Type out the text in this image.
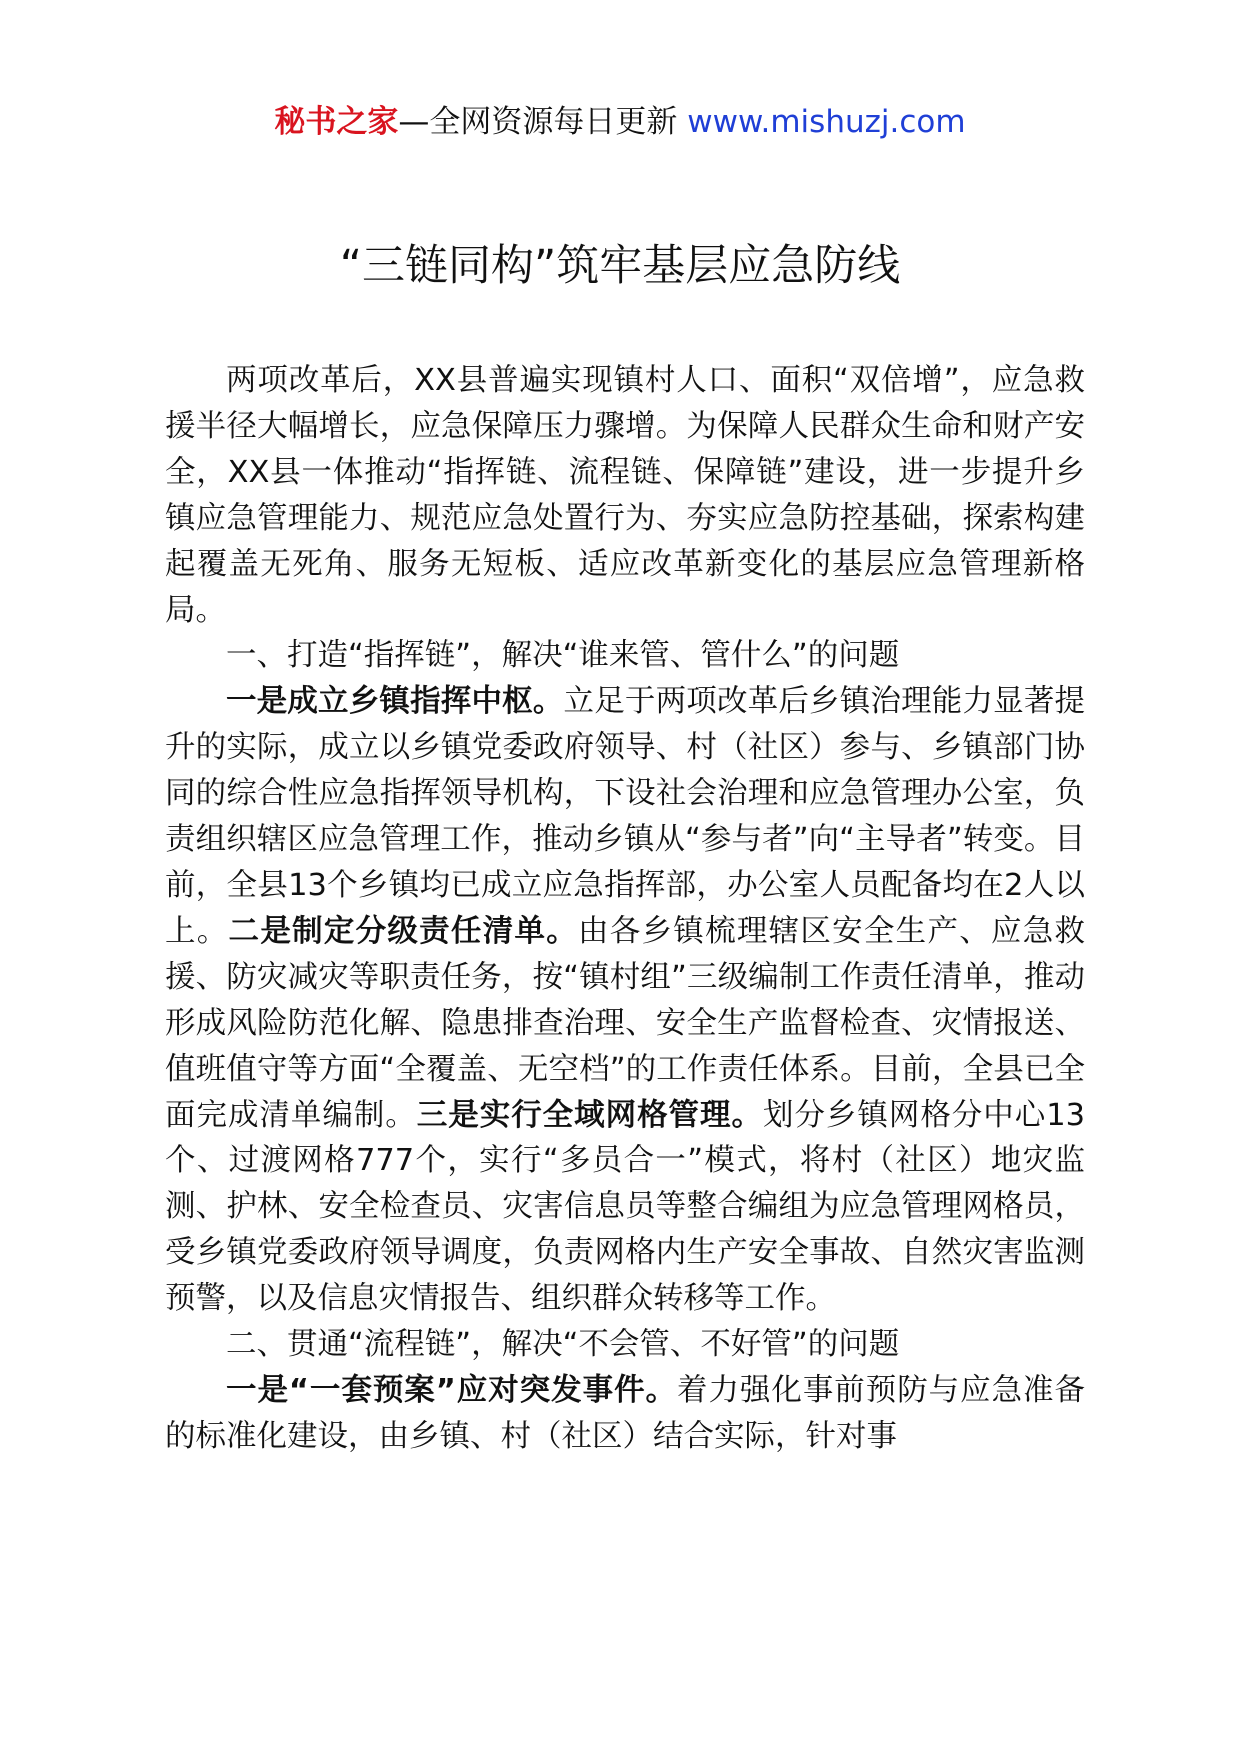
秘书之家—全网资源每日更新 www.mishuzj.com
“三链同构”筑牢基层应急防线

两项改革后，XX县普遍实现镇村人口、面积“双倍增”，应急救援半径大幅增长，应急保障压力骤增。为保障人民群众生命和财产安全，XX县一体推动“指挥链、流程链、保障链”建设，进一步提升乡镇应急管理能力、规范应急处置行为、夯实应急防控基础，探索构建起覆盖无死角、服务无短板、适应改革新变化的基层应急管理新格局。

一、打造“指挥链”，解决“谁来管、管什么”的问题

一是成立乡镇指挥中枢。立足于两项改革后乡镇治理能力显著提升的实际，成立以乡镇党委政府领导、村（社区）参与、乡镇部门协同的综合性应急指挥领导机构，下设社会治理和应急管理办公室，负责组织辖区应急管理工作，推动乡镇从“参与者”向“主导者”转变。目前，全县13个乡镇均已成立应急指挥部，办公室人员配备均在2人以上。二是制定分级责任清单。由各乡镇梳理辖区安全生产、应急救援、防灾减灾等职责任务，按“镇村组”三级编制工作责任清单，推动形成风险防范化解、隐患排查治理、安全生产监督检查、灾情报送、值班值守等方面“全覆盖、无空档”的工作责任体系。目前，全县已全面完成清单编制。三是实行全域网格管理。划分乡镇网格分中心13个、过渡网格777个，实行“多员合一”模式，将村（社区）地灾监测、护林、安全检查员、灾害信息员等整合编组为应急管理网格员，受乡镇党委政府领导调度，负责网格内生产安全事故、自然灾害监测预警，以及信息灾情报告、组织群众转移等工作。

二、贯通“流程链”，解决“不会管、不好管”的问题

一是“一套预案”应对突发事件。着力强化事前预防与应急准备的标准化建设，由乡镇、村（社区）结合实际，针对事
